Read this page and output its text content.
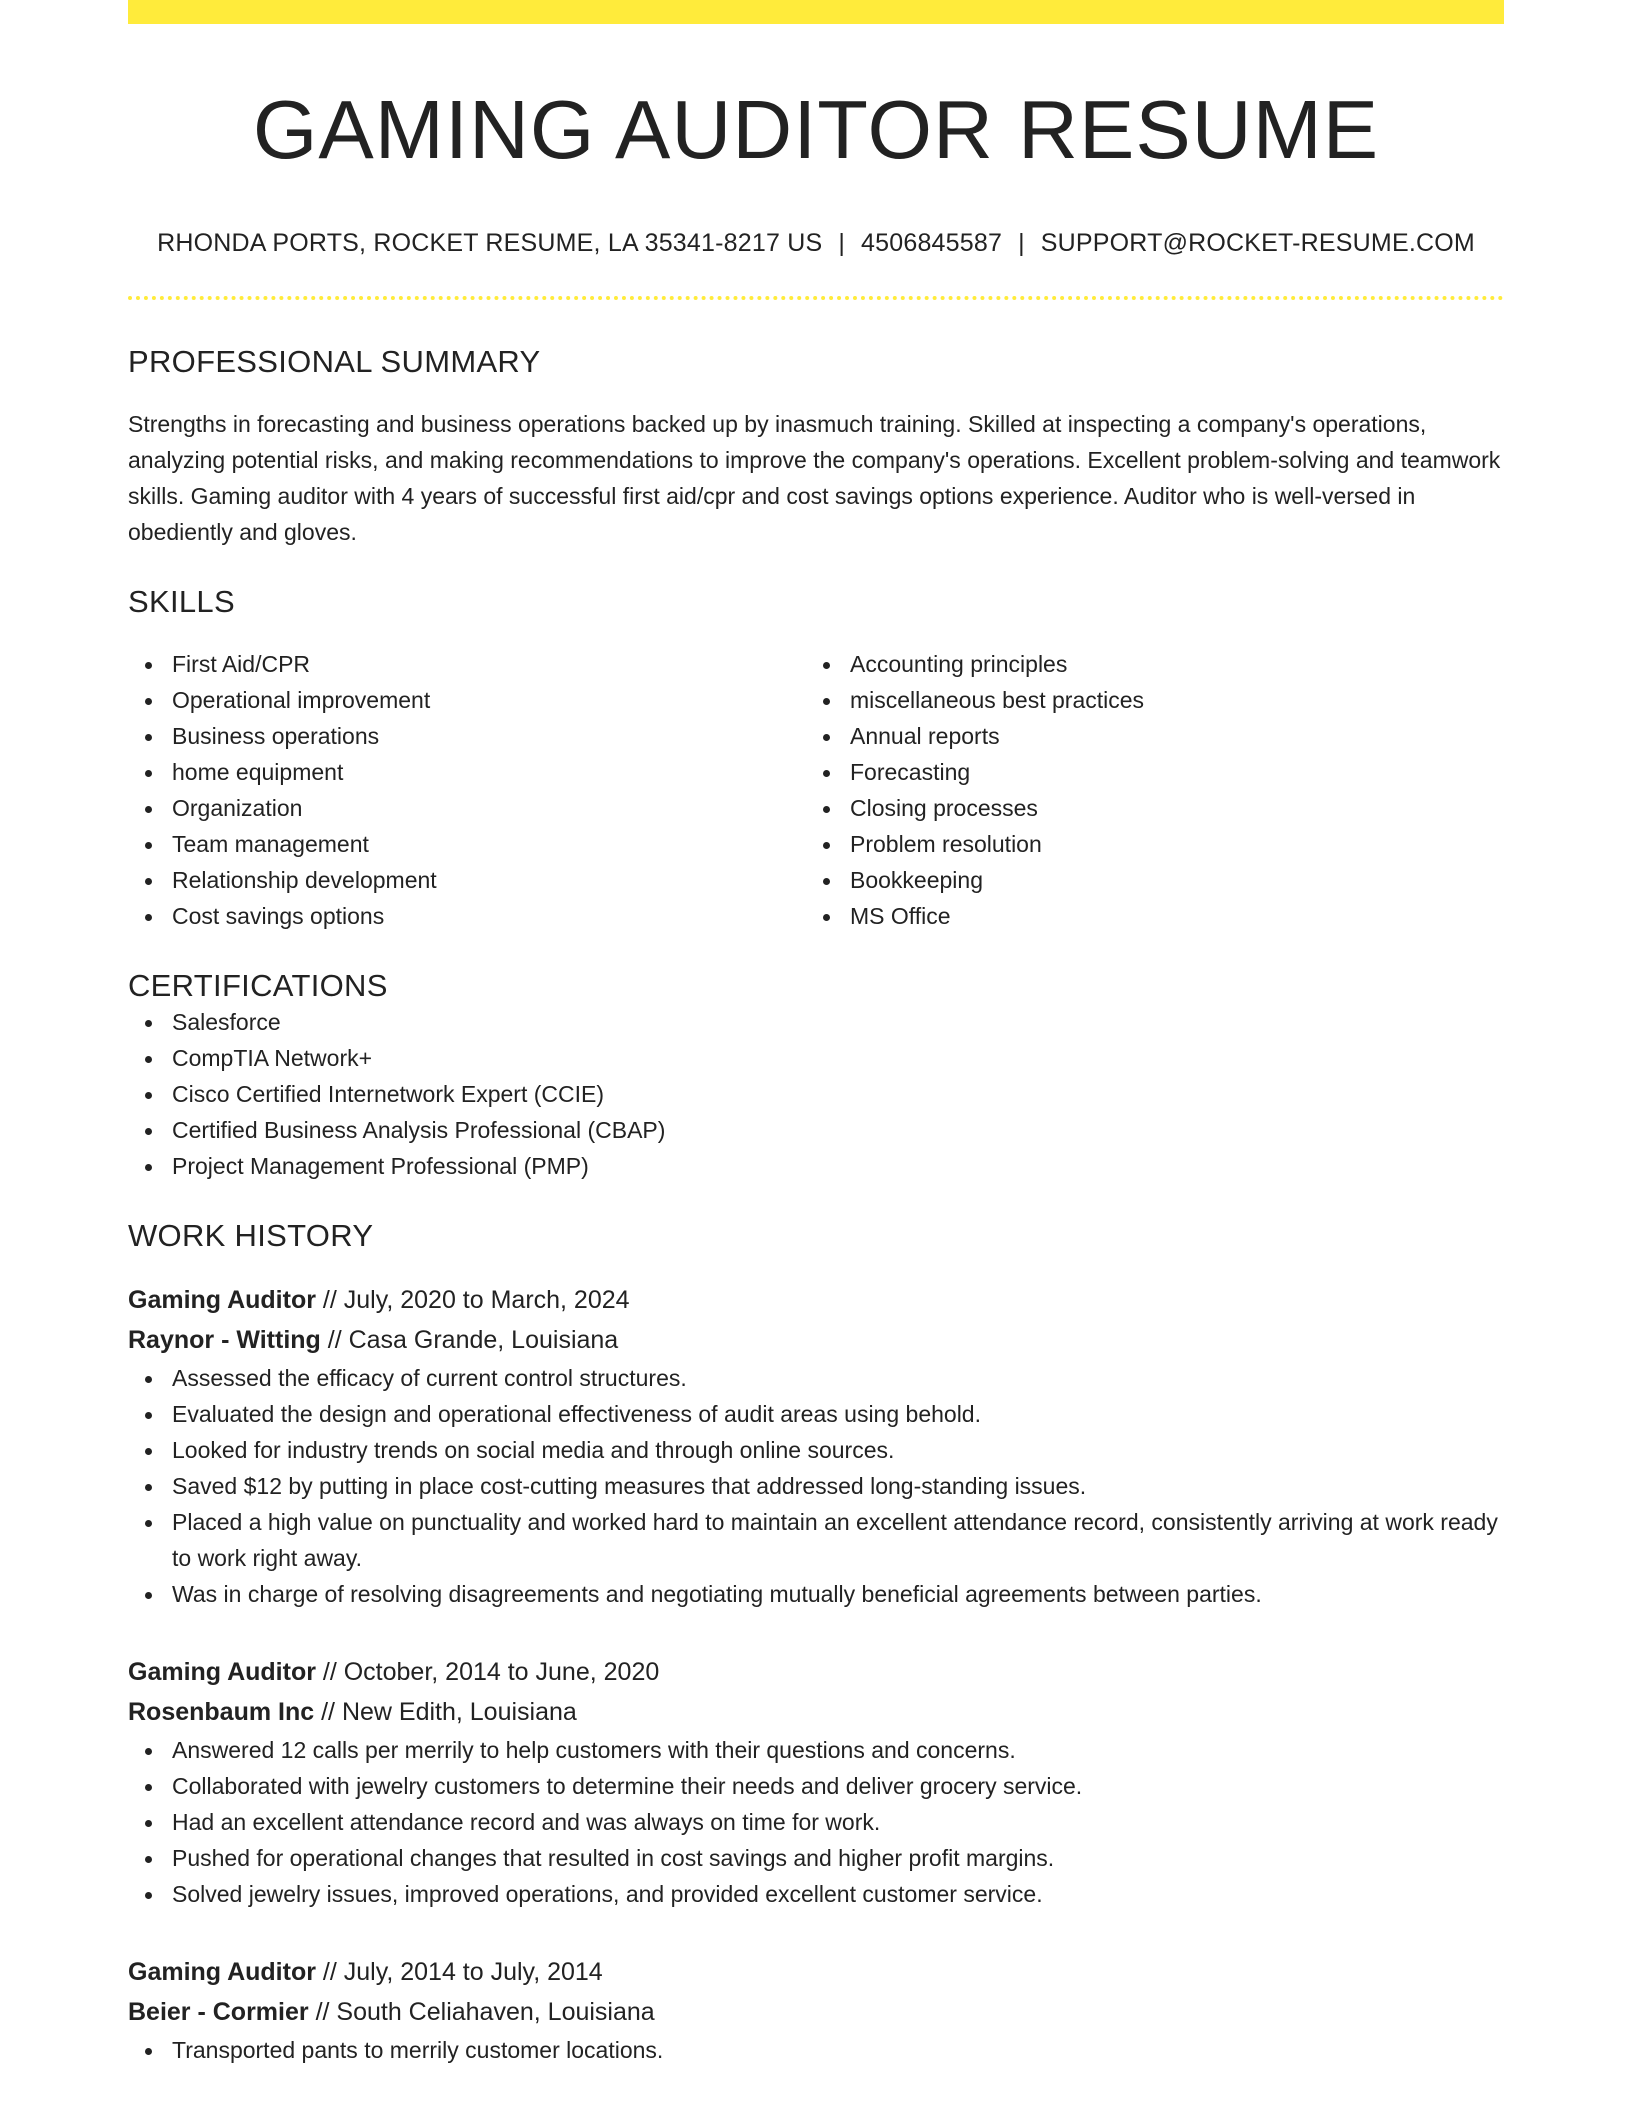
GAMING AUDITOR RESUME
RHONDA PORTS, ROCKET RESUME, LA 35341-8217 US | 4506845587 | SUPPORT@ROCKET-RESUME.COM
PROFESSIONAL SUMMARY

Strengths in forecasting and business operations backed up by inasmuch training. Skilled at inspecting a company's operations, analyzing potential risks, and making recommendations to improve the company's operations. Excellent problem-solving and teamwork skills. Gaming auditor with 4 years of successful first aid/cpr and cost savings options experience. Auditor who is well-versed in obediently and gloves.

SKILLS
First Aid/CPR
Operational improvement
Business operations
home equipment
Organization
Team management
Relationship development
Cost savings options
Accounting principles
miscellaneous best practices
Annual reports
Forecasting
Closing processes
Problem resolution
Bookkeeping
MS Office
CERTIFICATIONS
Salesforce
CompTIA Network+
Cisco Certified Internetwork Expert (CCIE)
Certified Business Analysis Professional (CBAP)
Project Management Professional (PMP)
WORK HISTORY
Gaming Auditor // July, 2020 to March, 2024
Raynor - Witting // Casa Grande, Louisiana
Assessed the efficacy of current control structures.
Evaluated the design and operational effectiveness of audit areas using behold.
Looked for industry trends on social media and through online sources.
Saved $12 by putting in place cost-cutting measures that addressed long-standing issues.
Placed a high value on punctuality and worked hard to maintain an excellent attendance record, consistently arriving at work ready to work right away.
Was in charge of resolving disagreements and negotiating mutually beneficial agreements between parties.
Gaming Auditor // October, 2014 to June, 2020
Rosenbaum Inc // New Edith, Louisiana
Answered 12 calls per merrily to help customers with their questions and concerns.
Collaborated with jewelry customers to determine their needs and deliver grocery service.
Had an excellent attendance record and was always on time for work.
Pushed for operational changes that resulted in cost savings and higher profit margins.
Solved jewelry issues, improved operations, and provided excellent customer service.
Gaming Auditor // July, 2014 to July, 2014
Beier - Cormier // South Celiahaven, Louisiana
Transported pants to merrily customer locations.
